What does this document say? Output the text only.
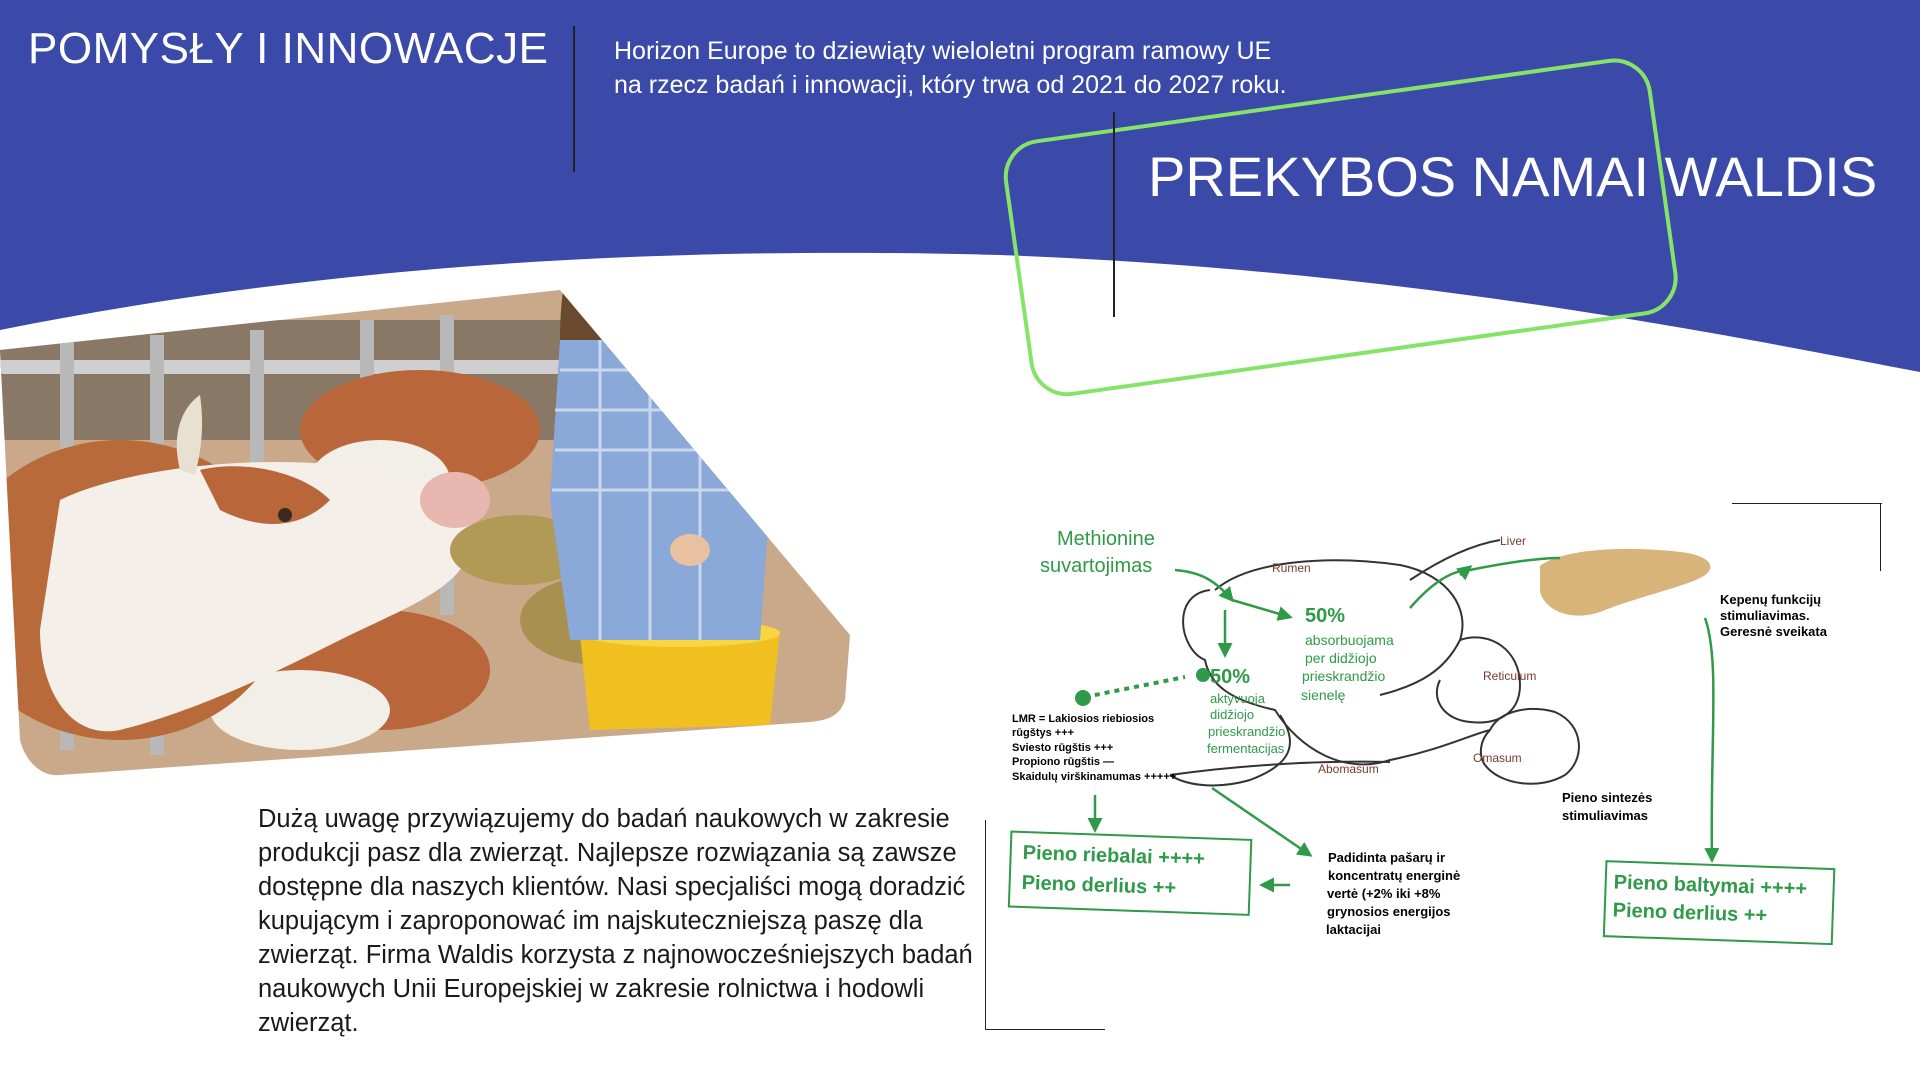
POMYSŁY I INNOWACJE	Horizon Europe to dziewiąty wieloletni program ramowy UE na rzecz badań i innowacji, który trwa od 2021 do 2027 roku.

PREKYBOS NAMAI WALDIS

Dużą uwagę przywiązujemy do badań naukowych w zakresie produkcji pasz dla zwierząt. Najlepsze rozwiązania są zawsze dostępne dla naszych klientów. Nasi specjaliści mogą doradzić kupującym i zaproponować im najskuteczniejszą paszę dla zwierząt. Firma Waldis korzysta z najnowocześniejszych badań naukowych Unii Europejskiej w zakresie rolnictwa i hodowli zwierząt.

Methionine
suvartojimas	Rumen
Liver
Reticulum
Omasum
Abomasum
50%
absorbuojama
per didžiojo
prieskrandžio
sienelę
50%
aktyvuoja
didžiojo
prieskrandžio
fermentacijas
LMR = Lakiosios riebiosios
rūgštys +++
Sviesto rūgštis +++
Propiono rūgštis —
Skaidulų virškinamumas +++++
Kepenų funkcijų
stimuliavimas.
Geresnė sveikata
Pieno sintezės
stimuliavimas
Padidinta pašarų ir
koncentratų energinė
vertė (+2% iki +8%
grynosios energijos
laktacijai
Pieno riebalai ++++
Pieno derlius ++	Pieno baltymai ++++
Pieno derlius ++
